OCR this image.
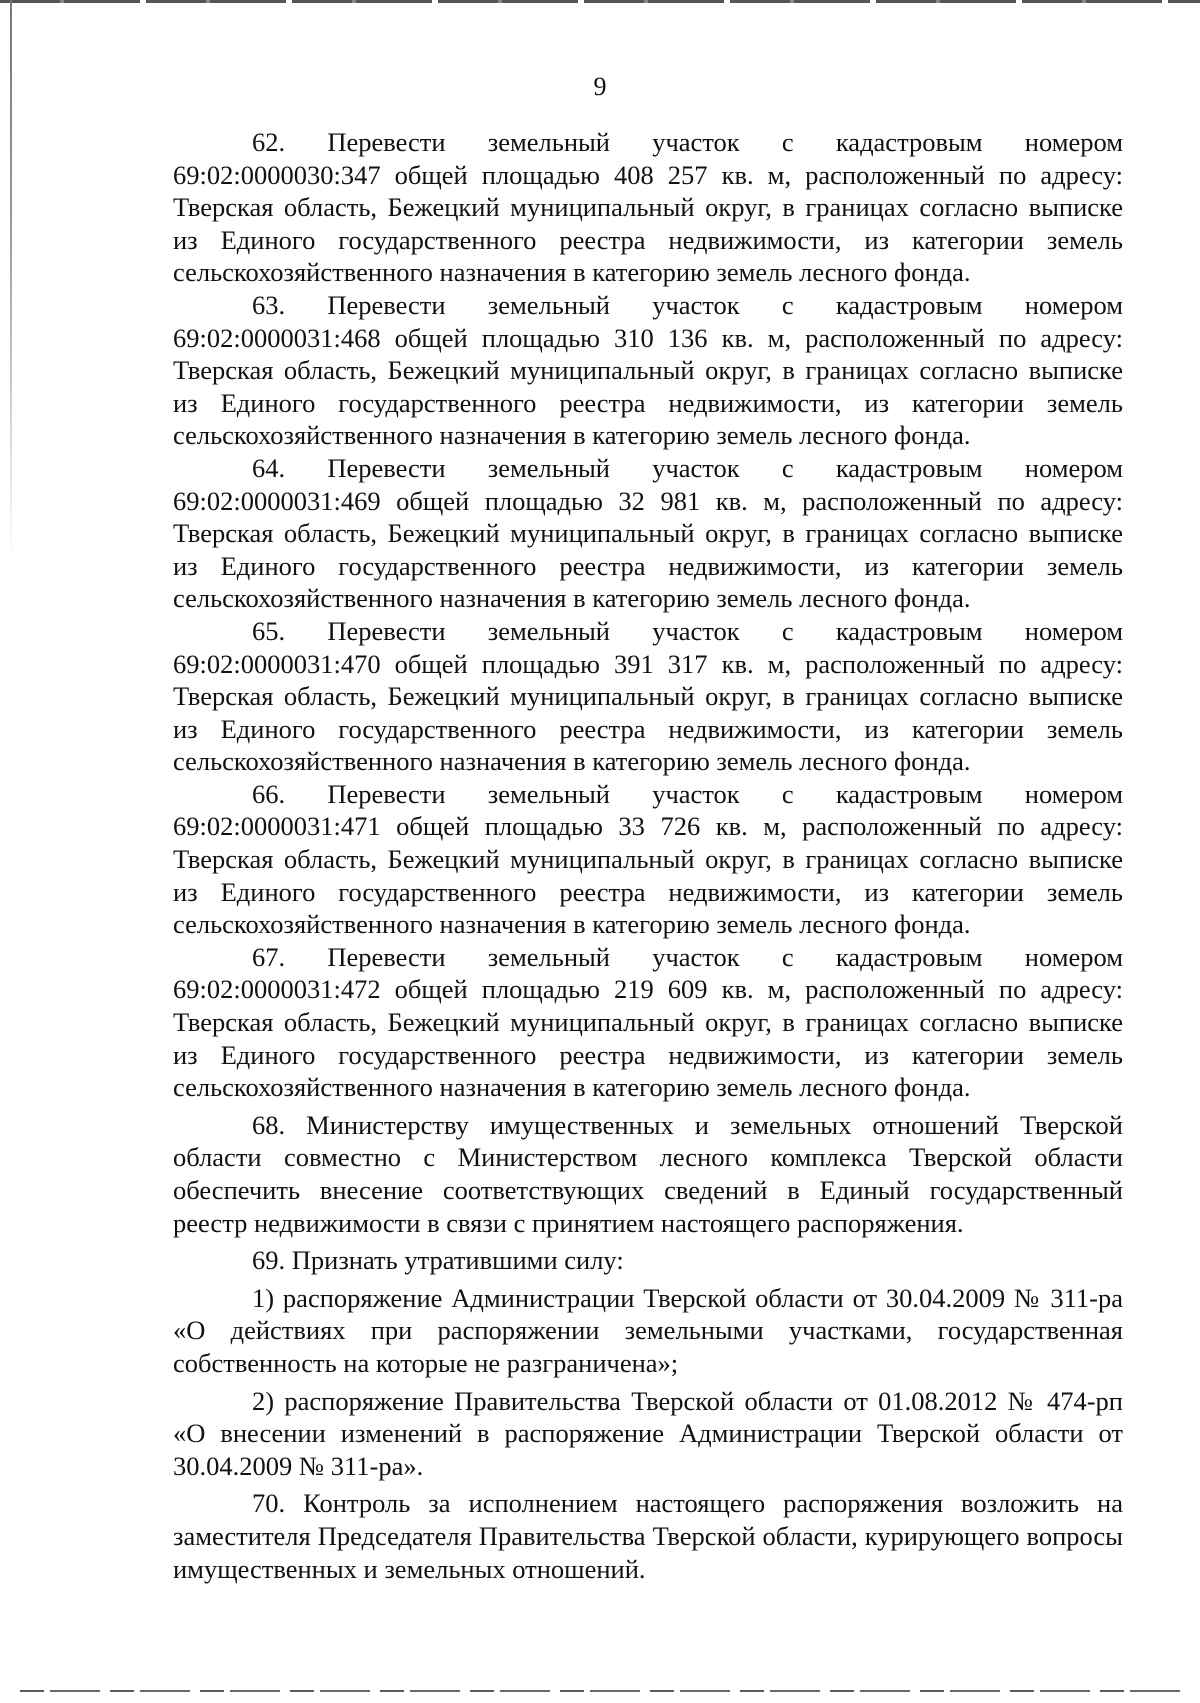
9

62. Перевести земельный участок с кадастровым номером 69:02:0000030:347 общей площадью 408 257 кв. м, расположенный по адресу: Тверская область, Бежецкий муниципальный округ, в границах согласно выписке из Единого государственного реестра недвижимости, из категории земель сельскохозяйственного назначения в категорию земель лесного фонда.

63. Перевести земельный участок с кадастровым номером 69:02:0000031:468 общей площадью 310 136 кв. м, расположенный по адресу: Тверская область, Бежецкий муниципальный округ, в границах согласно выписке из Единого государственного реестра недвижимости, из категории земель сельскохозяйственного назначения в категорию земель лесного фонда.

64. Перевести земельный участок с кадастровым номером 69:02:0000031:469 общей площадью 32 981 кв. м, расположенный по адресу: Тверская область, Бежецкий муниципальный округ, в границах согласно выписке из Единого государственного реестра недвижимости, из категории земель сельскохозяйственного назначения в категорию земель лесного фонда.

65. Перевести земельный участок с кадастровым номером 69:02:0000031:470 общей площадью 391 317 кв. м, расположенный по адресу: Тверская область, Бежецкий муниципальный округ, в границах согласно выписке из Единого государственного реестра недвижимости, из категории земель сельскохозяйственного назначения в категорию земель лесного фонда.

66. Перевести земельный участок с кадастровым номером 69:02:0000031:471 общей площадью 33 726 кв. м, расположенный по адресу: Тверская область, Бежецкий муниципальный округ, в границах согласно выписке из Единого государственного реестра недвижимости, из категории земель сельскохозяйственного назначения в категорию земель лесного фонда.

67. Перевести земельный участок с кадастровым номером 69:02:0000031:472 общей площадью 219 609 кв. м, расположенный по адресу: Тверская область, Бежецкий муниципальный округ, в границах согласно выписке из Единого государственного реестра недвижимости, из категории земель сельскохозяйственного назначения в категорию земель лесного фонда.

68. Министерству имущественных и земельных отношений Тверской области совместно с Министерством лесного комплекса Тверской области обеспечить внесение соответствующих сведений в Единый государственный реестр недвижимости в связи с принятием настоящего распоряжения.

69. Признать утратившими силу:

1) распоряжение Администрации Тверской области от 30.04.2009 № 311-ра «О действиях при распоряжении земельными участками, государственная собственность на которые не разграничена»;

2) распоряжение Правительства Тверской области от 01.08.2012 № 474-рп «О внесении изменений в распоряжение Администрации Тверской области от 30.04.2009 № 311-ра».

70. Контроль за исполнением настоящего распоряжения возложить на заместителя Председателя Правительства Тверской области, курирующего вопросы имущественных и земельных отношений.
